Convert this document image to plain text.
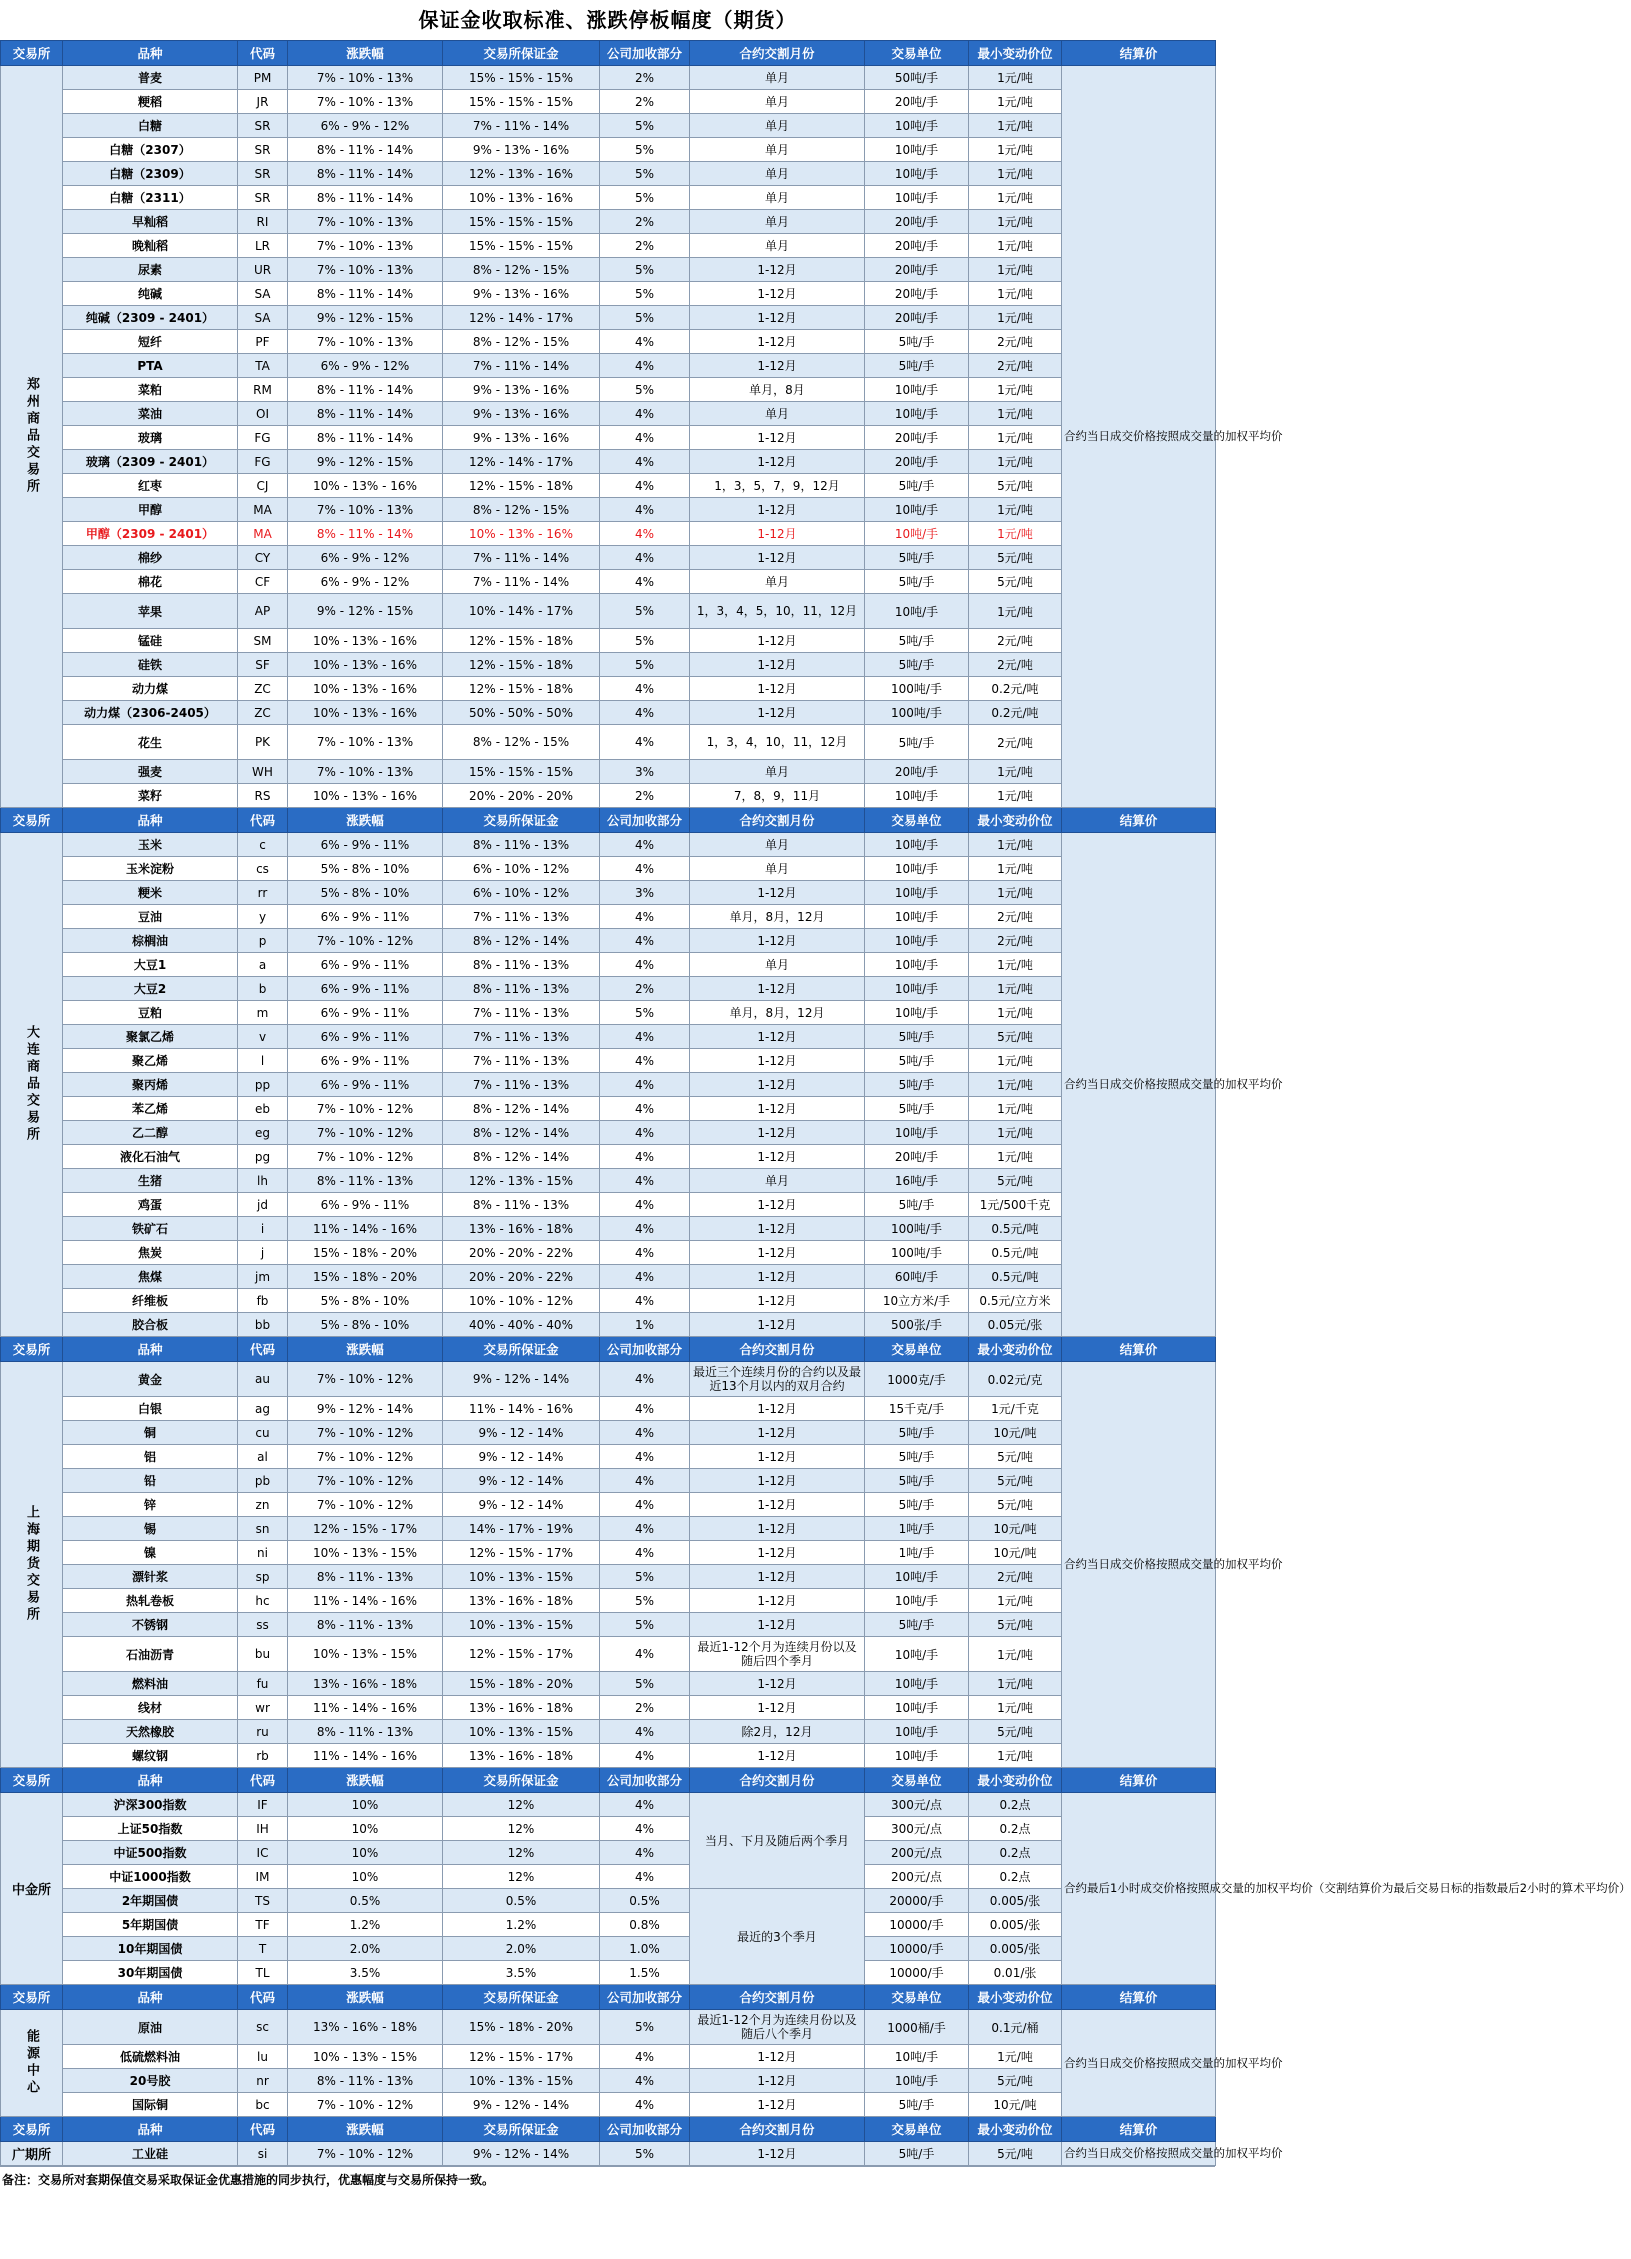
保证金收取标准、涨跌停板幅度（期货）
交易所	品种	代码	涨跌幅	交易所保证金	公司加收部分	合约交割月份	交易单位	最小变动价位	结算价
郑州商品交易所	普麦	PM	7% - 10% - 13%	15% - 15% - 15%	2%	单月	50吨/手	1元/吨	合约当日成交价格按照成交量的加权平均价
	粳稻	JR	7% - 10% - 13%	15% - 15% - 15%	2%	单月	20吨/手	1元/吨	
	白糖	SR	6% - 9% - 12%	7% - 11% - 14%	5%	单月	10吨/手	1元/吨	
	白糖（2307）	SR	8% - 11% - 14%	9% - 13% - 16%	5%	单月	10吨/手	1元/吨	
	白糖（2309）	SR	8% - 11% - 14%	12% - 13% - 16%	5%	单月	10吨/手	1元/吨	
	白糖（2311）	SR	8% - 11% - 14%	10% - 13% - 16%	5%	单月	10吨/手	1元/吨	
	早籼稻	RI	7% - 10% - 13%	15% - 15% - 15%	2%	单月	20吨/手	1元/吨	
	晚籼稻	LR	7% - 10% - 13%	15% - 15% - 15%	2%	单月	20吨/手	1元/吨	
	尿素	UR	7% - 10% - 13%	8% - 12% - 15%	5%	1-12月	20吨/手	1元/吨	
	纯碱	SA	8% - 11% - 14%	9% - 13% - 16%	5%	1-12月	20吨/手	1元/吨	
	纯碱（2309 - 2401）	SA	9% - 12% - 15%	12% - 14% - 17%	5%	1-12月	20吨/手	1元/吨	
	短纤	PF	7% - 10% - 13%	8% - 12% - 15%	4%	1-12月	5吨/手	2元/吨	
	PTA	TA	6% - 9% - 12%	7% - 11% - 14%	4%	1-12月	5吨/手	2元/吨	
	菜粕	RM	8% - 11% - 14%	9% - 13% - 16%	5%	单月，8月	10吨/手	1元/吨	
	菜油	OI	8% - 11% - 14%	9% - 13% - 16%	4%	单月	10吨/手	1元/吨	
	玻璃	FG	8% - 11% - 14%	9% - 13% - 16%	4%	1-12月	20吨/手	1元/吨	
	玻璃（2309 - 2401）	FG	9% - 12% - 15%	12% - 14% - 17%	4%	1-12月	20吨/手	1元/吨	
	红枣	CJ	10% - 13% - 16%	12% - 15% - 18%	4%	1，3，5，7，9，12月	5吨/手	5元/吨	
	甲醇	MA	7% - 10% - 13%	8% - 12% - 15%	4%	1-12月	10吨/手	1元/吨	
	甲醇（2309 - 2401）	MA	8% - 11% - 14%	10% - 13% - 16%	4%	1-12月	10吨/手	1元/吨	
	棉纱	CY	6% - 9% - 12%	7% - 11% - 14%	4%	1-12月	5吨/手	5元/吨	
	棉花	CF	6% - 9% - 12%	7% - 11% - 14%	4%	单月	5吨/手	5元/吨	
	苹果	AP	9% - 12% - 15%	10% - 14% - 17%	5%	1，3，4，5，10，11，12月	10吨/手	1元/吨	
	锰硅	SM	10% - 13% - 16%	12% - 15% - 18%	5%	1-12月	5吨/手	2元/吨	
	硅铁	SF	10% - 13% - 16%	12% - 15% - 18%	5%	1-12月	5吨/手	2元/吨	
	动力煤	ZC	10% - 13% - 16%	12% - 15% - 18%	4%	1-12月	100吨/手	0.2元/吨	
	动力煤（2306-2405）	ZC	10% - 13% - 16%	50% - 50% - 50%	4%	1-12月	100吨/手	0.2元/吨	
	花生	PK	7% - 10% - 13%	8% - 12% - 15%	4%	1，3，4，10，11，12月	5吨/手	2元/吨	
	强麦	WH	7% - 10% - 13%	15% - 15% - 15%	3%	单月	20吨/手	1元/吨	
	菜籽	RS	10% - 13% - 16%	20% - 20% - 20%	2%	7，8，9，11月	10吨/手	1元/吨	
交易所	品种	代码	涨跌幅	交易所保证金	公司加收部分	合约交割月份	交易单位	最小变动价位	结算价
大连商品交易所	玉米	c	6% - 9% - 11%	8% - 11% - 13%	4%	单月	10吨/手	1元/吨	合约当日成交价格按照成交量的加权平均价
	玉米淀粉	cs	5% - 8% - 10%	6% - 10% - 12%	4%	单月	10吨/手	1元/吨	
	粳米	rr	5% - 8% - 10%	6% - 10% - 12%	3%	1-12月	10吨/手	1元/吨	
	豆油	y	6% - 9% - 11%	7% - 11% - 13%	4%	单月，8月，12月	10吨/手	2元/吨	
	棕榈油	p	7% - 10% - 12%	8% - 12% - 14%	4%	1-12月	10吨/手	2元/吨	
	大豆1	a	6% - 9% - 11%	8% - 11% - 13%	4%	单月	10吨/手	1元/吨	
	大豆2	b	6% - 9% - 11%	8% - 11% - 13%	2%	1-12月	10吨/手	1元/吨	
	豆粕	m	6% - 9% - 11%	7% - 11% - 13%	5%	单月，8月，12月	10吨/手	1元/吨	
	聚氯乙烯	v	6% - 9% - 11%	7% - 11% - 13%	4%	1-12月	5吨/手	5元/吨	
	聚乙烯	l	6% - 9% - 11%	7% - 11% - 13%	4%	1-12月	5吨/手	1元/吨	
	聚丙烯	pp	6% - 9% - 11%	7% - 11% - 13%	4%	1-12月	5吨/手	1元/吨	
	苯乙烯	eb	7% - 10% - 12%	8% - 12% - 14%	4%	1-12月	5吨/手	1元/吨	
	乙二醇	eg	7% - 10% - 12%	8% - 12% - 14%	4%	1-12月	10吨/手	1元/吨	
	液化石油气	pg	7% - 10% - 12%	8% - 12% - 14%	4%	1-12月	20吨/手	1元/吨	
	生猪	lh	8% - 11% - 13%	12% - 13% - 15%	4%	单月	16吨/手	5元/吨	
	鸡蛋	jd	6% - 9% - 11%	8% - 11% - 13%	4%	1-12月	5吨/手	1元/500千克	
	铁矿石	i	11% - 14% - 16%	13% - 16% - 18%	4%	1-12月	100吨/手	0.5元/吨	
	焦炭	j	15% - 18% - 20%	20% - 20% - 22%	4%	1-12月	100吨/手	0.5元/吨	
	焦煤	jm	15% - 18% - 20%	20% - 20% - 22%	4%	1-12月	60吨/手	0.5元/吨	
	纤维板	fb	5% - 8% - 10%	10% - 10% - 12%	4%	1-12月	10立方米/手	0.5元/立方米	
	胶合板	bb	5% - 8% - 10%	40% - 40% - 40%	1%	1-12月	500张/手	0.05元/张	
交易所	品种	代码	涨跌幅	交易所保证金	公司加收部分	合约交割月份	交易单位	最小变动价位	结算价
上海期货交易所	黄金	au	7% - 10% - 12%	9% - 12% - 14%	4%	最近三个连续月份的合约以及最近13个月以内的双月合约	1000克/手	0.02元/克	合约当日成交价格按照成交量的加权平均价
	白银	ag	9% - 12% - 14%	11% - 14% - 16%	4%	1-12月	15千克/手	1元/千克	
	铜	cu	7% - 10% - 12%	9% - 12 - 14%	4%	1-12月	5吨/手	10元/吨	
	铝	al	7% - 10% - 12%	9% - 12 - 14%	4%	1-12月	5吨/手	5元/吨	
	铅	pb	7% - 10% - 12%	9% - 12 - 14%	4%	1-12月	5吨/手	5元/吨	
	锌	zn	7% - 10% - 12%	9% - 12 - 14%	4%	1-12月	5吨/手	5元/吨	
	锡	sn	12% - 15% - 17%	14% - 17% - 19%	4%	1-12月	1吨/手	10元/吨	
	镍	ni	10% - 13% - 15%	12% - 15% - 17%	4%	1-12月	1吨/手	10元/吨	
	漂针浆	sp	8% - 11% - 13%	10% - 13% - 15%	5%	1-12月	10吨/手	2元/吨	
	热轧卷板	hc	11% - 14% - 16%	13% - 16% - 18%	5%	1-12月	10吨/手	1元/吨	
	不锈钢	ss	8% - 11% - 13%	10% - 13% - 15%	5%	1-12月	5吨/手	5元/吨	
	石油沥青	bu	10% - 13% - 15%	12% - 15% - 17%	4%	最近1-12个月为连续月份以及随后四个季月	10吨/手	1元/吨	
	燃料油	fu	13% - 16% - 18%	15% - 18% - 20%	5%	1-12月	10吨/手	1元/吨	
	线材	wr	11% - 14% - 16%	13% - 16% - 18%	2%	1-12月	10吨/手	1元/吨	
	天然橡胶	ru	8% - 11% - 13%	10% - 13% - 15%	4%	除2月，12月	10吨/手	5元/吨	
	螺纹钢	rb	11% - 14% - 16%	13% - 16% - 18%	4%	1-12月	10吨/手	1元/吨	
交易所	品种	代码	涨跌幅	交易所保证金	公司加收部分	合约交割月份	交易单位	最小变动价位	结算价
中金所	沪深300指数	IF	10%	12%	4%	当月、下月及随后两个季月	300元/点	0.2点	合约最后1小时成交价格按照成交量的加权平均价（交割结算价为最后交易日标的指数最后2小时的算术平均价）
	上证50指数	IH	10%	12%	4%		300元/点	0.2点	
	中证500指数	IC	10%	12%	4%		200元/点	0.2点	
	中证1000指数	IM	10%	12%	4%		200元/点	0.2点	
	2年期国债	TS	0.5%	0.5%	0.5%	最近的3个季月	20000/手	0.005/张	
	5年期国债	TF	1.2%	1.2%	0.8%		10000/手	0.005/张	
	10年期国债	T	2.0%	2.0%	1.0%		10000/手	0.005/张	
	30年期国债	TL	3.5%	3.5%	1.5%		10000/手	0.01/张	
交易所	品种	代码	涨跌幅	交易所保证金	公司加收部分	合约交割月份	交易单位	最小变动价位	结算价
能源中心	原油	sc	13% - 16% - 18%	15% - 18% - 20%	5%	最近1-12个月为连续月份以及随后八个季月	1000桶/手	0.1元/桶	合约当日成交价格按照成交量的加权平均价
	低硫燃料油	lu	10% - 13% - 15%	12% - 15% - 17%	4%	1-12月	10吨/手	1元/吨	
	20号胶	nr	8% - 11% - 13%	10% - 13% - 15%	4%	1-12月	10吨/手	5元/吨	
	国际铜	bc	7% - 10% - 12%	9% - 12% - 14%	4%	1-12月	5吨/手	10元/吨	
交易所	品种	代码	涨跌幅	交易所保证金	公司加收部分	合约交割月份	交易单位	最小变动价位	结算价
广期所	工业硅	si	7% - 10% - 12%	9% - 12% - 14%	5%	1-12月	5吨/手	5元/吨	合约当日成交价格按照成交量的加权平均价
备注：交易所对套期保值交易采取保证金优惠措施的同步执行，优惠幅度与交易所保持一致。
